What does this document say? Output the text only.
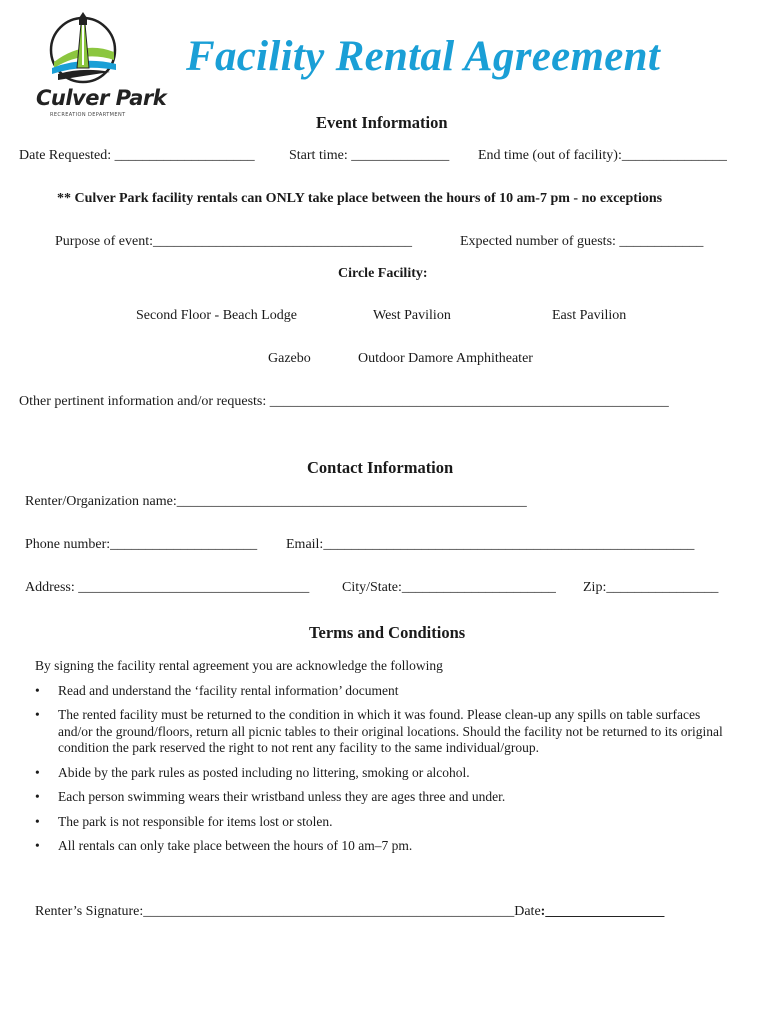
Culver Park
RECREATION DEPARTMENT
Facility Rental Agreement
Event Information
Date Requested: ____________________ Start time: ______________ End time (out of facility):_______________
** Culver Park facility rentals can ONLY take place between the hours of 10 am-7 pm - no exceptions
Purpose of event:_____________________________________	Expected number of guests: ____________
Circle Facility:
Second Floor - Beach Lodge	West Pavilion	East Pavilion
Gazebo	Outdoor Damore Amphitheater
Other pertinent information and/or requests: _________________________________________________________
Contact Information
Renter/Organization name:__________________________________________________
Phone number:_____________________ Email:_____________________________________________________
Address: _________________________________ City/State:______________________ Zip:________________
Terms and Conditions
By signing the facility rental agreement you are acknowledge the following
• Read and understand the ‘facility rental information’ document
• The rented facility must be returned to the condition in which it was found. Please clean-up any spills on table surfaces and/or the ground/floors, return all picnic tables to their original locations. Should the facility not be returned to its original condition the park reserved the right to not rent any facility to the same individual/group.
• Abide by the park rules as posted including no littering, smoking or alcohol.
• Each person swimming wears their wristband unless they are ages three and under.
• The park is not responsible for items lost or stolen.
• All rentals can only take place between the hours of 10 am–7 pm.
Renter’s Signature:_____________________________________________________Date:_________________
